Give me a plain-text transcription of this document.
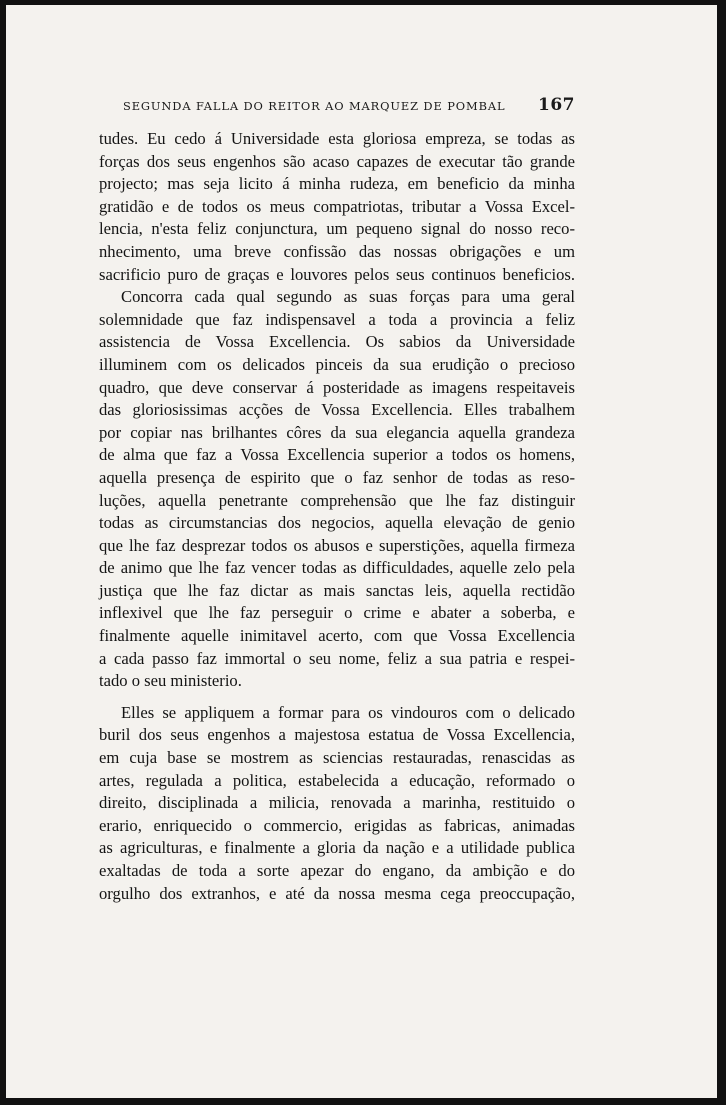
SEGUNDA FALLA DO REITOR AO MARQUEZ DE POMBAL 167
tudes. Eu cedo á Universidade esta gloriosa empreza, se todas as
forças dos seus engenhos são acaso capazes de executar tão grande
projecto; mas seja licito á minha rudeza, em beneficio da minha
gratidão e de todos os meus compatriotas, tributar a Vossa Excel-
lencia, n'esta feliz conjunctura, um pequeno signal do nosso reco-
nhecimento, uma breve confissão das nossas obrigações e um
sacrificio puro de graças e louvores pelos seus continuos beneficios.
Concorra cada qual segundo as suas forças para uma geral
solemnidade que faz indispensavel a toda a provincia a feliz
assistencia de Vossa Excellencia. Os sabios da Universidade
illuminem com os delicados pinceis da sua erudição o precioso
quadro, que deve conservar á posteridade as imagens respeitaveis
das gloriosissimas acções de Vossa Excellencia. Elles trabalhem
por copiar nas brilhantes côres da sua elegancia aquella grandeza
de alma que faz a Vossa Excellencia superior a todos os homens,
aquella presença de espirito que o faz senhor de todas as reso-
luções, aquella penetrante comprehensão que lhe faz distinguir
todas as circumstancias dos negocios, aquella elevação de genio
que lhe faz desprezar todos os abusos e superstições, aquella firmeza
de animo que lhe faz vencer todas as difficuldades, aquelle zelo pela
justiça que lhe faz dictar as mais sanctas leis, aquella rectidão
inflexivel que lhe faz perseguir o crime e abater a soberba, e
finalmente aquelle inimitavel acerto, com que Vossa Excellencia
a cada passo faz immortal o seu nome, feliz a sua patria e respei-
tado o seu ministerio.
Elles se appliquem a formar para os vindouros com o delicado
buril dos seus engenhos a majestosa estatua de Vossa Excellencia,
em cuja base se mostrem as sciencias restauradas, renascidas as
artes, regulada a politica, estabelecida a educação, reformado o
direito, disciplinada a milicia, renovada a marinha, restituido o
erario, enriquecido o commercio, erigidas as fabricas, animadas
as agriculturas, e finalmente a gloria da nação e a utilidade publica
exaltadas de toda a sorte apezar do engano, da ambição e do
orgulho dos extranhos, e até da nossa mesma cega preoccupação,
